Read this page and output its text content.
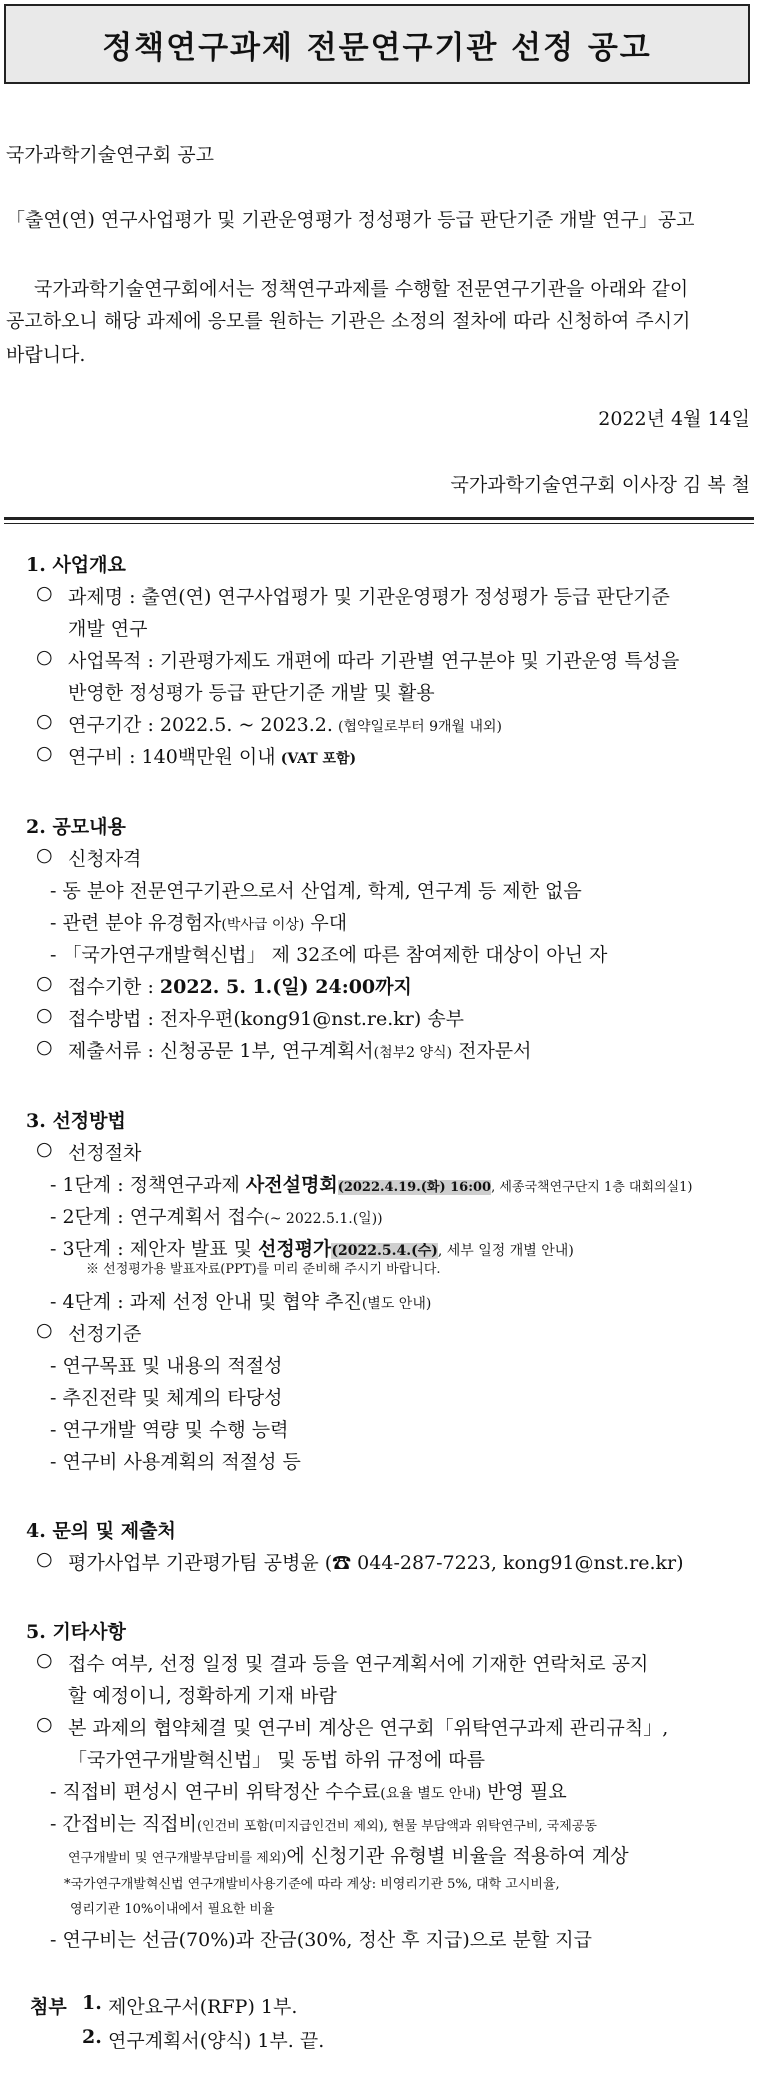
정책연구과제 전문연구기관 선정 공고
국가과학기술연구회 공고
「출연(연) 연구사업평가 및 기관운영평가 정성평가 등급 판단기준 개발 연구」공고
국가과학기술연구회에서는 정책연구과제를 수행할 전문연구기관을 아래와 같이
공고하오니 해당 과제에 응모를 원하는 기관은 소정의 절차에 따라 신청하여 주시기
바랍니다.
2022년 4월 14일
국가과학기술연구회 이사장 김 복 철
1. 사업개요
○ 과제명 : 출연(연) 연구사업평가 및 기관운영평가 정성평가 등급 판단기준
개발 연구
○ 사업목적 : 기관평가제도 개편에 따라 기관별 연구분야 및 기관운영 특성을
반영한 정성평가 등급 판단기준 개발 및 활용
○ 연구기간 : 2022.5. ~ 2023.2. (협약일로부터 9개월 내외)
○ 연구비 : 140백만원 이내 (VAT 포함)
2. 공모내용
○ 신청자격
- 동 분야 전문연구기관으로서 산업계, 학계, 연구계 등 제한 없음
- 관련 분야 유경험자(박사급 이상) 우대
- 「국가연구개발혁신법」 제 32조에 따른 참여제한 대상이 아닌 자
○ 접수기한 : 2022. 5. 1.(일) 24:00까지
○ 접수방법 : 전자우편(kong91@nst.re.kr) 송부
○ 제출서류 : 신청공문 1부, 연구계획서(첨부2 양식) 전자문서
3. 선정방법
○ 선정절차
- 1단계 : 정책연구과제 사전설명회(2022.4.19.(화) 16:00, 세종국책연구단지 1층 대회의실1)
- 2단계 : 연구계획서 접수(~ 2022.5.1.(일))
- 3단계 : 제안자 발표 및 선정평가(2022.5.4.(수), 세부 일정 개별 안내)
※ 선정평가용 발표자료(PPT)를 미리 준비해 주시기 바랍니다.
- 4단계 : 과제 선정 안내 및 협약 추진(별도 안내)
○ 선정기준
- 연구목표 및 내용의 적절성
- 추진전략 및 체계의 타당성
- 연구개발 역량 및 수행 능력
- 연구비 사용계획의 적절성 등
4. 문의 및 제출처
○ 평가사업부 기관평가팀 공병윤 (☎ 044-287-7223, kong91@nst.re.kr)
5. 기타사항
○ 접수 여부, 선정 일정 및 결과 등을 연구계획서에 기재한 연락처로 공지
할 예정이니, 정확하게 기재 바람
○ 본 과제의 협약체결 및 연구비 계상은 연구회「위탁연구과제 관리규칙」,
「국가연구개발혁신법」 및 동법 하위 규정에 따름
- 직접비 편성시 연구비 위탁정산 수수료(요율 별도 안내) 반영 필요
- 간접비는 직접비(인건비 포함(미지급인건비 제외), 현물 부담액과 위탁연구비, 국제공동
연구개발비 및 연구개발부담비를 제외)에 신청기관 유형별 비율을 적용하여 계상
*국가연구개발혁신법 연구개발비사용기준에 따라 계상: 비영리기관 5%, 대학 고시비율,
영리기관 10%이내에서 필요한 비율
- 연구비는 선금(70%)과 잔금(30%, 정산 후 지급)으로 분할 지급
첨부 1. 제안요구서(RFP) 1부.
2. 연구계획서(양식) 1부. 끝.
